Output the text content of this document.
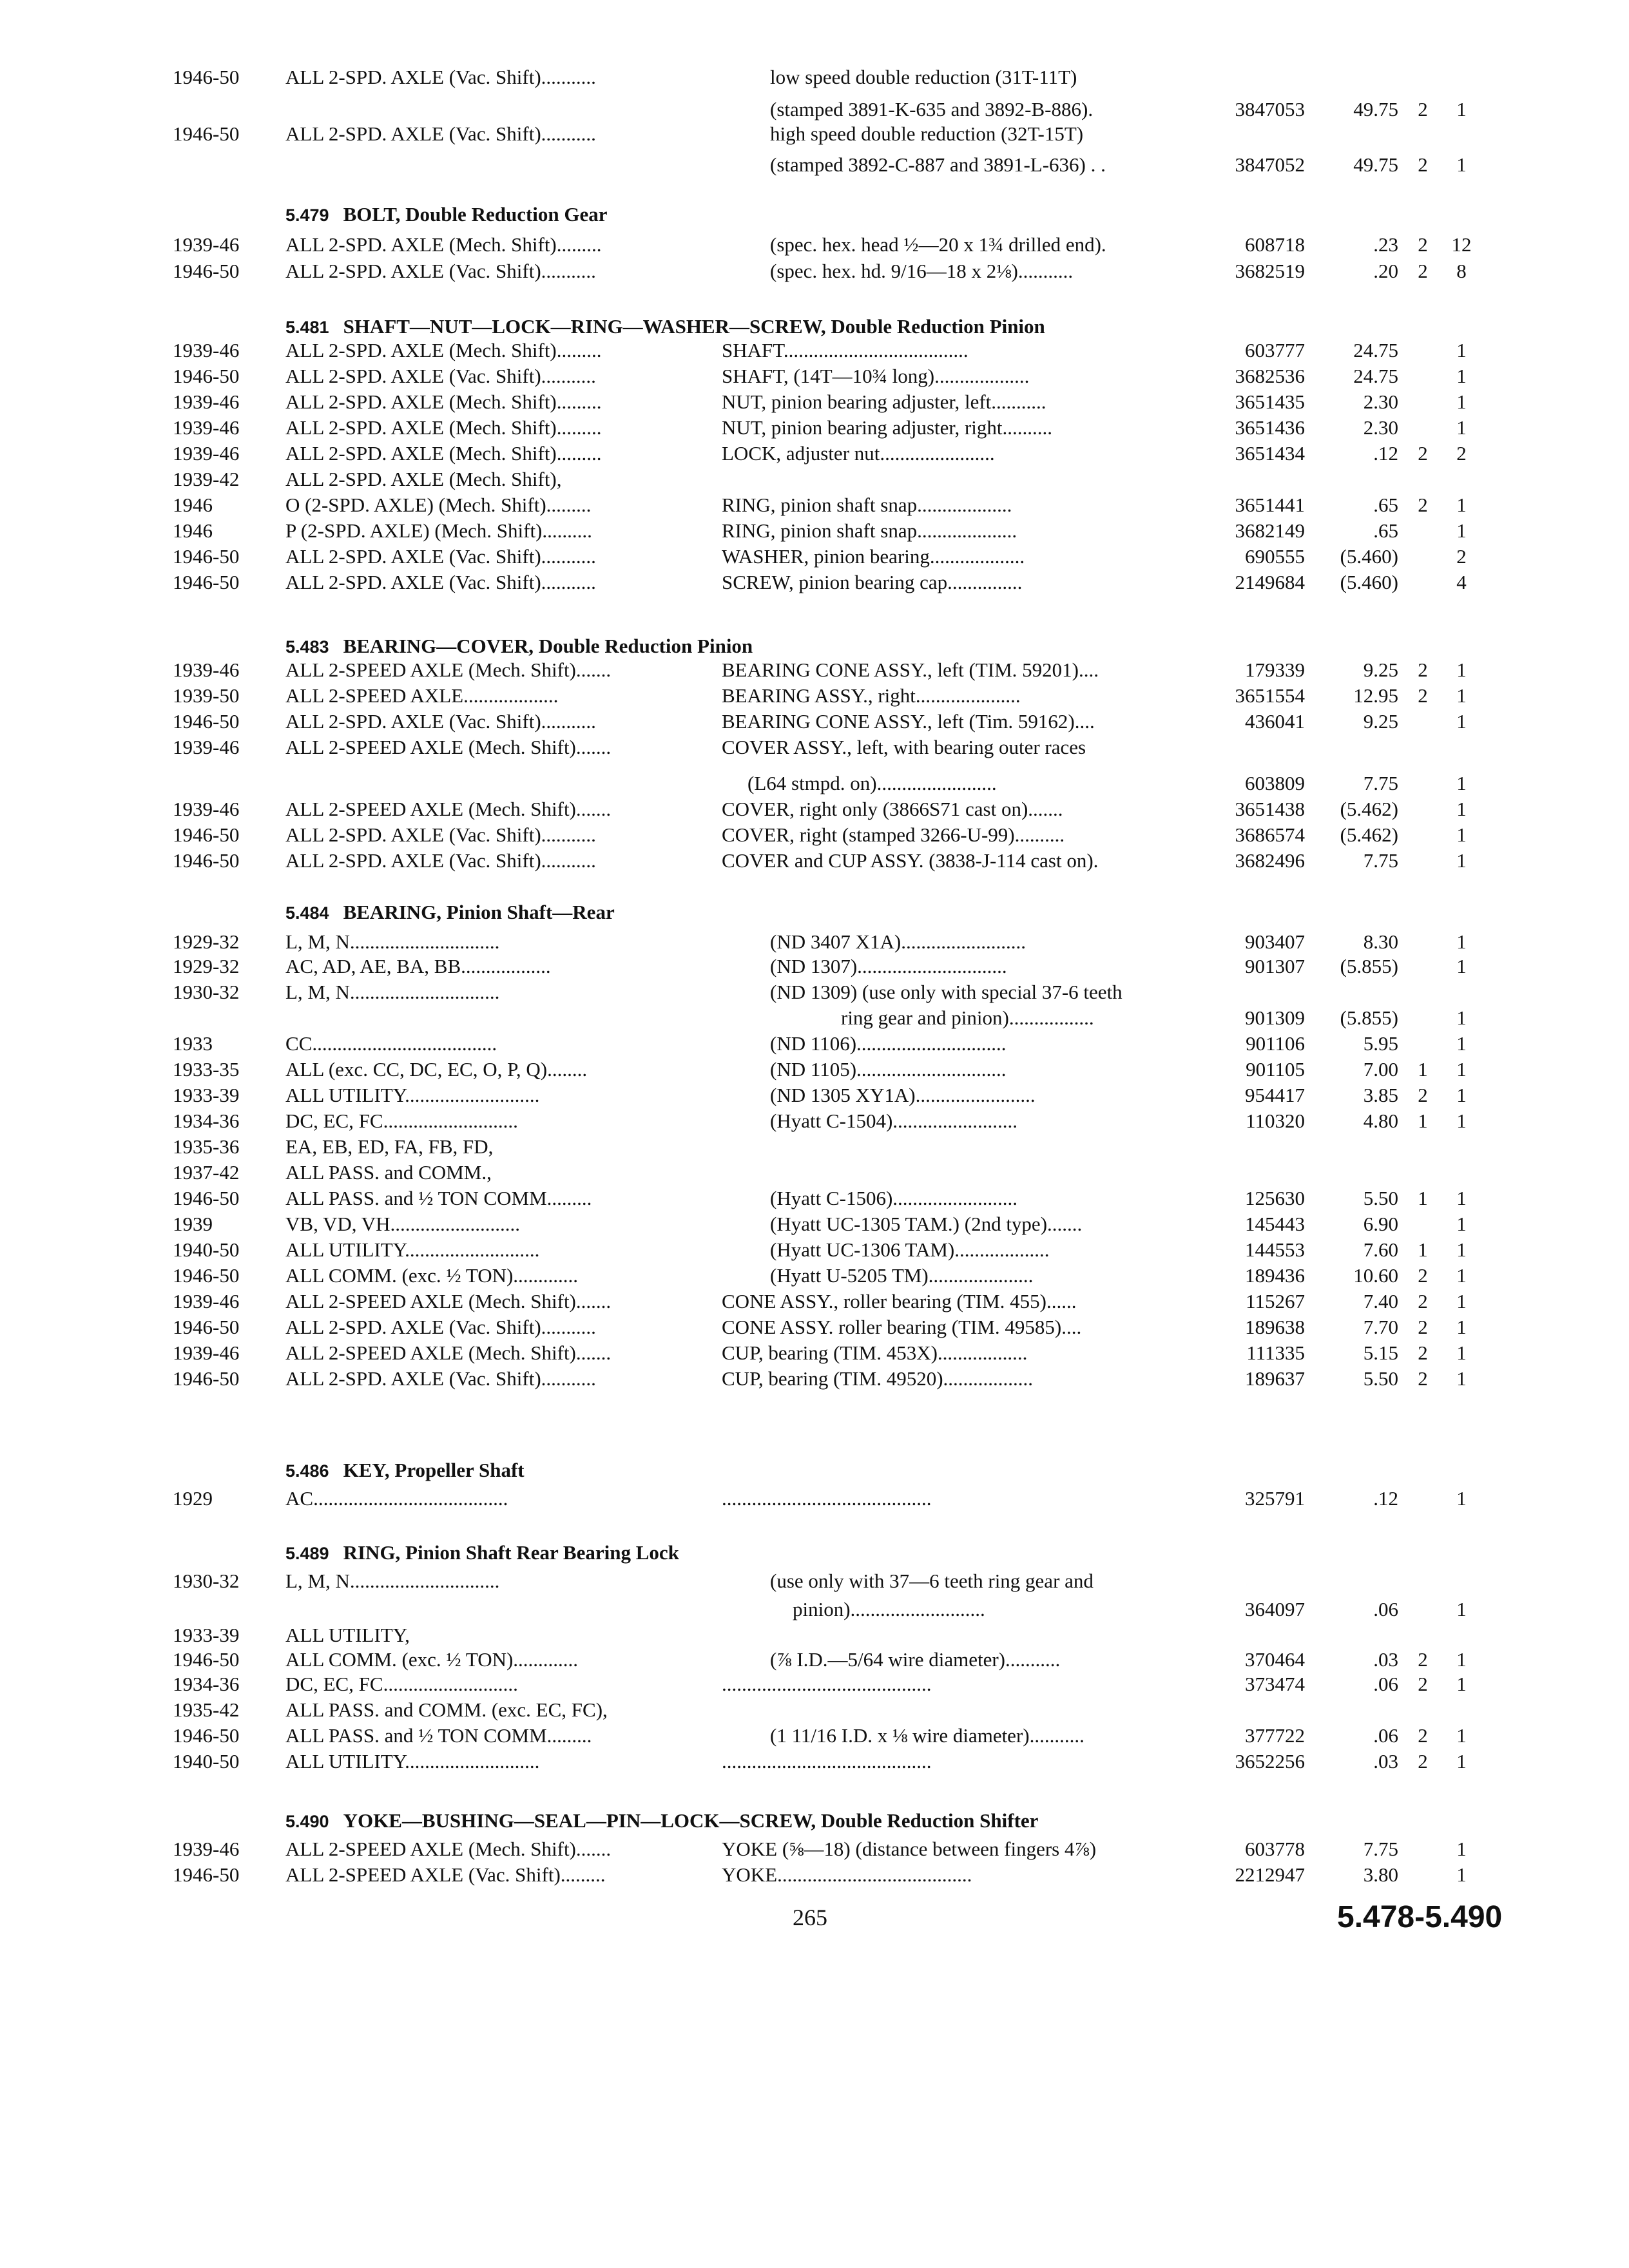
1946-50 ALL 2-SPD. AXLE (Vac. Shift)...........	low speed double reduction (31T-11T)
(stamped 3891-K-635 and 3892-B-886).	3847053	49.75 2	1
1946-50 ALL 2-SPD. AXLE (Vac. Shift)...........	high speed double reduction (32T-15T)
(stamped 3892-C-887 and 3891-L-636) . .	3847052	49.75 2	1
5.479 BOLT, Double Reduction Gear
1939-46 ALL 2-SPD. AXLE (Mech. Shift).........	(spec. hex. head ½—20 x 1¾ drilled end).	608718	.23 2	12
1946-50 ALL 2-SPD. AXLE (Vac. Shift)...........	(spec. hex. hd. 9/16—18 x 2⅛)...........	3682519	.20 2	8
5.481 SHAFT—NUT—LOCK—RING—WASHER—SCREW, Double Reduction Pinion
1939-46 ALL 2-SPD. AXLE (Mech. Shift).........	SHAFT.....................................	603777	24.75	1
1946-50 ALL 2-SPD. AXLE (Vac. Shift)...........	SHAFT, (14T—10¾ long)...................	3682536	24.75	1
1939-46 ALL 2-SPD. AXLE (Mech. Shift).........	NUT, pinion bearing adjuster, left...........	3651435	2.30	1
1939-46 ALL 2-SPD. AXLE (Mech. Shift).........	NUT, pinion bearing adjuster, right..........	3651436	2.30	1
1939-46 ALL 2-SPD. AXLE (Mech. Shift).........	LOCK, adjuster nut.......................	3651434	.12 2	2
1939-42 ALL 2-SPD. AXLE (Mech. Shift),
1946	O (2-SPD. AXLE) (Mech. Shift).........	RING, pinion shaft snap...................	3651441	.65 2	1
1946	P (2-SPD. AXLE) (Mech. Shift)..........	RING, pinion shaft snap....................	3682149	.65	1
1946-50 ALL 2-SPD. AXLE (Vac. Shift)...........	WASHER, pinion bearing...................	690555	(5.460)	2
1946-50 ALL 2-SPD. AXLE (Vac. Shift)...........	SCREW, pinion bearing cap...............	2149684	(5.460)	4
5.483 BEARING—COVER, Double Reduction Pinion
1939-46 ALL 2-SPEED AXLE (Mech. Shift).......	BEARING CONE ASSY., left (TIM. 59201)....	179339	9.25 2	1
1939-50 ALL 2-SPEED AXLE...................	BEARING ASSY., right.....................	3651554	12.95 2	1
1946-50 ALL 2-SPD. AXLE (Vac. Shift)...........	BEARING CONE ASSY., left (Tim. 59162)....	436041	9.25	1
1939-46 ALL 2-SPEED AXLE (Mech. Shift).......	COVER ASSY., left, with bearing outer races
(L64 stmpd. on)........................	603809	7.75	1
1939-46 ALL 2-SPEED AXLE (Mech. Shift).......	COVER, right only (3866S71 cast on).......	3651438	(5.462)	1
1946-50 ALL 2-SPD. AXLE (Vac. Shift)...........	COVER, right (stamped 3266-U-99)..........	3686574	(5.462)	1
1946-50 ALL 2-SPD. AXLE (Vac. Shift)...........	COVER and CUP ASSY. (3838-J-114 cast on).	3682496	7.75	1
5.484 BEARING, Pinion Shaft—Rear
1929-32 L, M, N..............................	(ND 3407 X1A).........................	903407	8.30	1
1929-32 AC, AD, AE, BA, BB..................	(ND 1307)..............................	901307	(5.855)	1
1930-32 L, M, N..............................	(ND 1309) (use only with special 37-6 teeth
ring gear and pinion).................	901309	(5.855)	1
1933	CC.....................................	(ND 1106)..............................	901106	5.95	1
1933-35 ALL (exc. CC, DC, EC, O, P, Q)........	(ND 1105)..............................	901105	7.00 1	1
1933-39 ALL UTILITY...........................	(ND 1305 XY1A)........................	954417	3.85 2	1
1934-36 DC, EC, FC...........................	(Hyatt C-1504).........................	110320	4.80 1	1
1935-36 EA, EB, ED, FA, FB, FD,
1937-42 ALL PASS. and COMM.,
1946-50 ALL PASS. and ½ TON COMM.........	(Hyatt C-1506).........................	125630	5.50 1	1
1939	VB, VD, VH..........................	(Hyatt UC-1305 TAM.) (2nd type).......	145443	6.90	1
1940-50 ALL UTILITY...........................	(Hyatt UC-1306 TAM)...................	144553	7.60 1	1
1946-50 ALL COMM. (exc. ½ TON).............	(Hyatt U-5205 TM).....................	189436	10.60 2	1
1939-46 ALL 2-SPEED AXLE (Mech. Shift).......	CONE ASSY., roller bearing (TIM. 455)......	115267	7.40 2	1
1946-50 ALL 2-SPD. AXLE (Vac. Shift)...........	CONE ASSY. roller bearing (TIM. 49585)....	189638	7.70 2	1
1939-46 ALL 2-SPEED AXLE (Mech. Shift).......	CUP, bearing (TIM. 453X)..................	111335	5.15 2	1
1946-50 ALL 2-SPD. AXLE (Vac. Shift)...........	CUP, bearing (TIM. 49520)..................	189637	5.50 2	1
5.486 KEY, Propeller Shaft
1929	AC.......................................	..........................................	325791	.12	1
5.489 RING, Pinion Shaft Rear Bearing Lock
1930-32 L, M, N..............................	(use only with 37—6 teeth ring gear and
pinion)...........................	364097	.06	1
1933-39 ALL UTILITY,
1946-50 ALL COMM. (exc. ½ TON).............	(⅞ I.D.—5/64 wire diameter)...........	370464	.03 2	1
1934-36 DC, EC, FC...........................	..........................................	373474	.06 2	1
1935-42 ALL PASS. and COMM. (exc. EC, FC),
1946-50 ALL PASS. and ½ TON COMM.........	(1 11/16 I.D. x ⅛ wire diameter)...........	377722	.06 2	1
1940-50 ALL UTILITY...........................	..........................................	3652256	.03 2	1
5.490 YOKE—BUSHING—SEAL—PIN—LOCK—SCREW, Double Reduction Shifter
1939-46 ALL 2-SPEED AXLE (Mech. Shift).......	YOKE (⅝—18) (distance between fingers 4⅞)	603778	7.75	1
1946-50 ALL 2-SPEED AXLE (Vac. Shift).........	YOKE.......................................	2212947	3.80	1
265	5.478-5.490
